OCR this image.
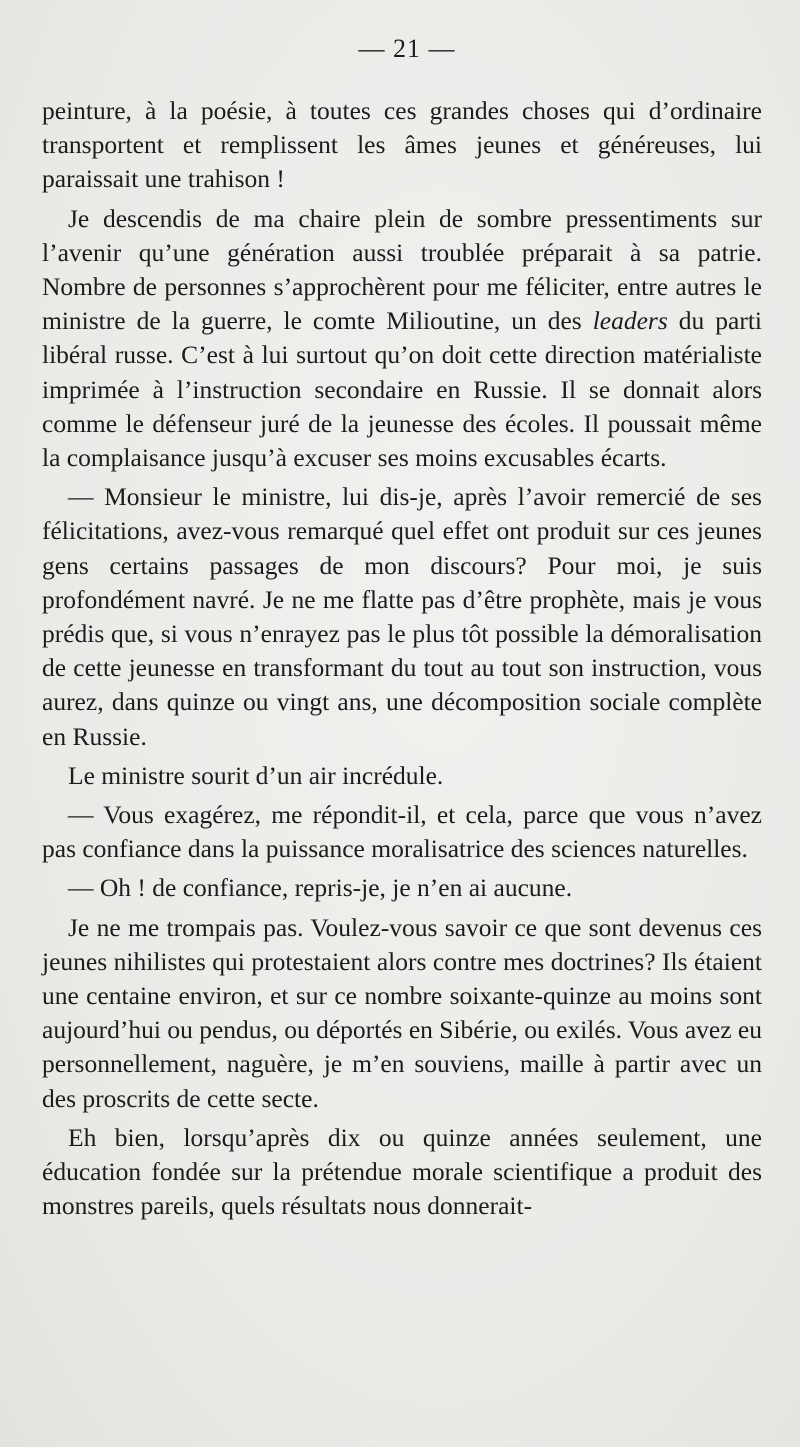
— 21 —

peinture, à la poésie, à toutes ces grandes choses qui d’ordinaire transportent et remplissent les âmes jeunes et généreuses, lui paraissait une trahison !

Je descendis de ma chaire plein de sombre pressentiments sur l’avenir qu’une génération aussi troublée préparait à sa patrie. Nombre de personnes s’approchèrent pour me féliciter, entre autres le ministre de la guerre, le comte Milioutine, un des leaders du parti libéral russe. C’est à lui surtout qu’on doit cette direction matérialiste imprimée à l’instruction secondaire en Russie. Il se donnait alors comme le défenseur juré de la jeunesse des écoles. Il poussait même la complaisance jusqu’à excuser ses moins excusables écarts.

— Monsieur le ministre, lui dis-je, après l’avoir remercié de ses félicitations, avez-vous remarqué quel effet ont produit sur ces jeunes gens certains passages de mon discours? Pour moi, je suis profondément navré. Je ne me flatte pas d’être prophète, mais je vous prédis que, si vous n’enrayez pas le plus tôt possible la démoralisation de cette jeunesse en transformant du tout au tout son instruction, vous aurez, dans quinze ou vingt ans, une décomposition sociale complète en Russie.

Le ministre sourit d’un air incrédule.

— Vous exagérez, me répondit-il, et cela, parce que vous n’avez pas confiance dans la puissance moralisatrice des sciences naturelles.

— Oh ! de confiance, repris-je, je n’en ai aucune.

Je ne me trompais pas. Voulez-vous savoir ce que sont devenus ces jeunes nihilistes qui protestaient alors contre mes doctrines? Ils étaient une centaine environ, et sur ce nombre soixante-quinze au moins sont aujourd’hui ou pendus, ou déportés en Sibérie, ou exilés. Vous avez eu personnellement, naguère, je m’en souviens, maille à partir avec un des proscrits de cette secte.

Eh bien, lorsqu’après dix ou quinze années seulement, une éducation fondée sur la prétendue morale scientifique a produit des monstres pareils, quels résultats nous donnerait-
